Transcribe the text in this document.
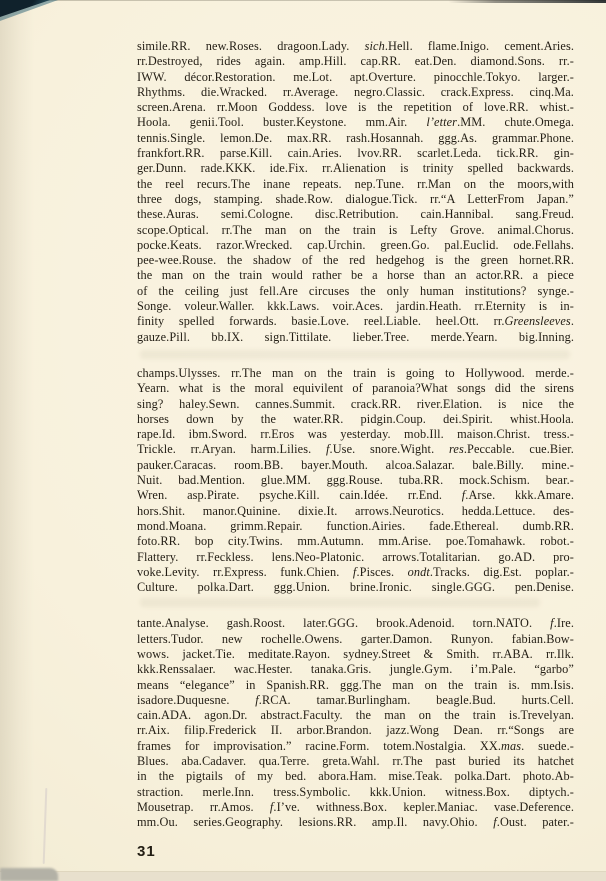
simile.RR. new.Roses. dragoon.Lady. sich.Hell. flame.Inigo. cement.Aries.
rr.Destroyed, rides again. amp.Hill. cap.RR. eat.Den. diamond.Sons. rr.-
IWW. décor.Restoration. me.Lot. apt.Overture. pinocchle.Tokyo. larger.-
Rhythms. die.Wracked. rr.Average. negro.Classic. crack.Express. cinq.Ma.
screen.Arena. rr.Moon Goddess. love is the repetition of love.RR. whist.-
Hoola. genii.Tool. buster.Keystone. mm.Air. l’etter.MM. chute.Omega.
tennis.Single. lemon.De. max.RR. rash.Hosannah. ggg.As. grammar.Phone.
frankfort.RR. parse.Kill. cain.Aries. lvov.RR. scarlet.Leda. tick.RR. gin-
ger.Dunn. rade.KKK. ide.Fix. rr.Alienation is trinity spelled backwards.
the reel recurs.The inane repeats. nep.Tune. rr.Man on the moors,with
three dogs, stamping. shade.Row. dialogue.Tick. rr.“A LetterFrom Japan.”
these.Auras. semi.Cologne. disc.Retribution. cain.Hannibal. sang.Freud.
scope.Optical. rr.The man on the train is Lefty Grove. animal.Chorus.
pocke.Keats. razor.Wrecked. cap.Urchin. green.Go. pal.Euclid. ode.Fellahs.
pee-wee.Rouse. the shadow of the red hedgehog is the green hornet.RR.
the man on the train would rather be a horse than an actor.RR. a piece
of the ceiling just fell.Are circuses the only human institutions? synge.-
Songe. voleur.Waller. kkk.Laws. voir.Aces. jardin.Heath. rr.Eternity is in-
finity spelled forwards. basie.Love. reel.Liable. heel.Ott. rr.Greensleeves.
gauze.Pill. bb.IX. sign.Tittilate. lieber.Tree. merde.Yearn. big.Inning.
champs.Ulysses. rr.The man on the train is going to Hollywood. merde.-
Yearn. what is the moral equivilent of paranoia?What songs did the sirens
sing? haley.Sewn. cannes.Summit. crack.RR. river.Elation. is nice the
horses down by the water.RR. pidgin.Coup. dei.Spirit. whist.Hoola.
rape.Id. ibm.Sword. rr.Eros was yesterday. mob.Ill. maison.Christ. tress.-
Trickle. rr.Aryan. harm.Lilies. f.Use. snore.Wight. res.Peccable. cue.Bier.
pauker.Caracas. room.BB. bayer.Mouth. alcoa.Salazar. bale.Billy. mine.-
Nuit. bad.Mention. glue.MM. ggg.Rouse. tuba.RR. mock.Schism. bear.-
Wren. asp.Pirate. psyche.Kill. cain.Idée. rr.End. f.Arse. kkk.Amare.
hors.Shit. manor.Quinine. dixie.It. arrows.Neurotics. hedda.Lettuce. des-
mond.Moana. grimm.Repair. function.Airies. fade.Ethereal. dumb.RR.
foto.RR. bop city.Twins. mm.Autumn. mm.Arise. poe.Tomahawk. robot.-
Flattery. rr.Feckless. lens.Neo-Platonic. arrows.Totalitarian. go.AD. pro-
voke.Levity. rr.Express. funk.Chien. f.Pisces. ondt.Tracks. dig.Est. poplar.-
Culture. polka.Dart. ggg.Union. brine.Ironic. single.GGG. pen.Denise.
tante.Analyse. gash.Roost. later.GGG. brook.Adenoid. torn.NATO. f.Ire.
letters.Tudor. new rochelle.Owens. garter.Damon. Runyon. fabian.Bow-
wows. jacket.Tie. meditate.Rayon. sydney.Street & Smith. rr.ABA. rr.Ilk.
kkk.Renssalaer. wac.Hester. tanaka.Gris. jungle.Gym. i’m.Pale. “garbo”
means “elegance” in Spanish.RR. ggg.The man on the train is. mm.Isis.
isadore.Duquesne. f.RCA. tamar.Burlingham. beagle.Bud. hurts.Cell.
cain.ADA. agon.Dr. abstract.Faculty. the man on the train is.Trevelyan.
rr.Aix. filip.Frederick II. arbor.Brandon. jazz.Wong Dean. rr.“Songs are
frames for improvisation.” racine.Form. totem.Nostalgia. XX.mas. suede.-
Blues. aba.Cadaver. qua.Terre. greta.Wahl. rr.The past buried its hatchet
in the pigtails of my bed. abora.Ham. mise.Teak. polka.Dart. photo.Ab-
straction. merle.Inn. tress.Symbolic. kkk.Union. witness.Box. diptych.-
Mousetrap. rr.Amos. f.I’ve. withness.Box. kepler.Maniac. vase.Deference.
mm.Ou. series.Geography. lesions.RR. amp.Il. navy.Ohio. f.Oust. pater.-
31
